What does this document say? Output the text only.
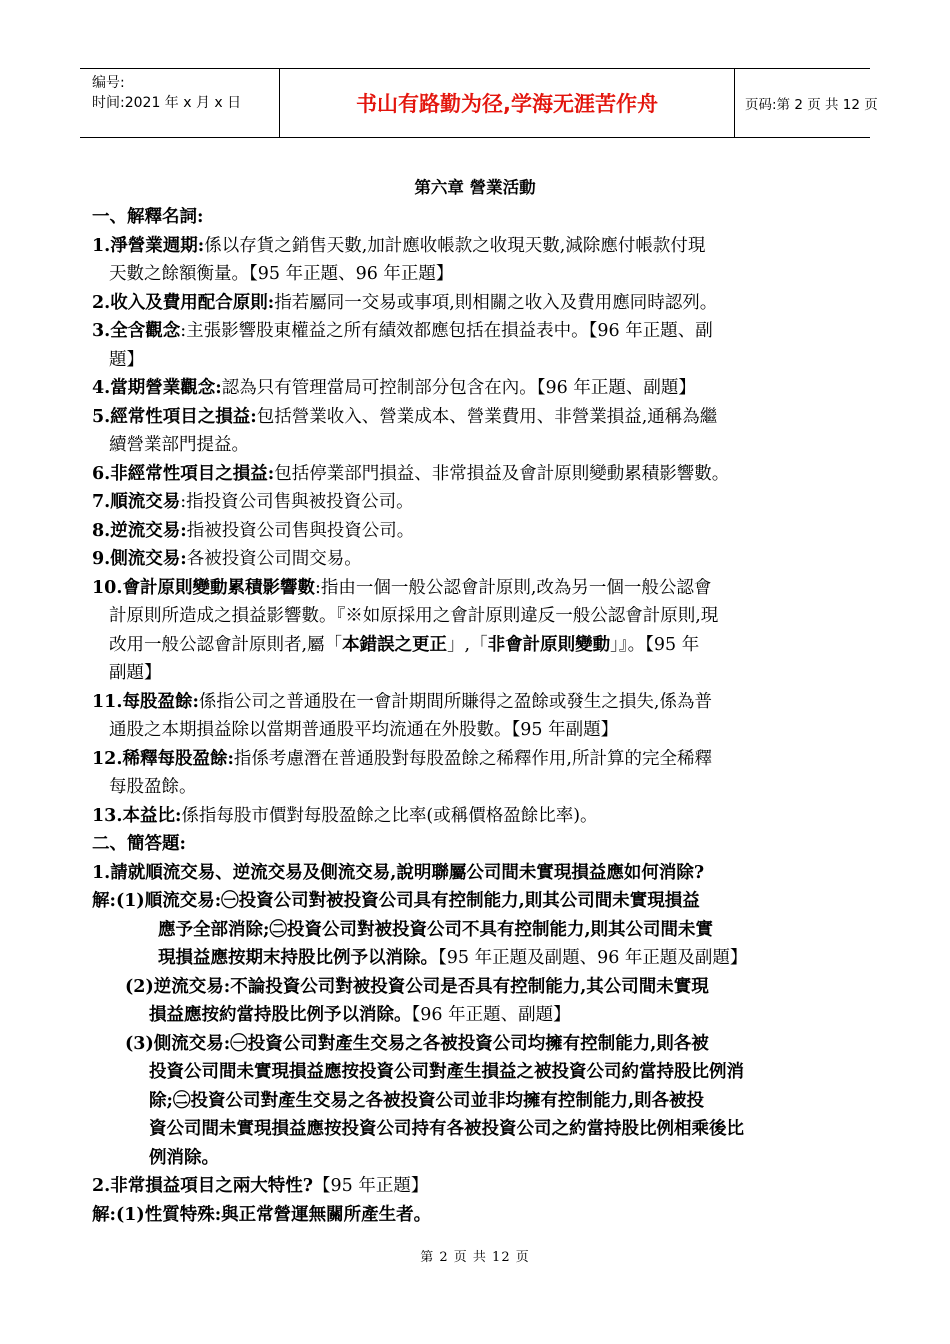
编号:
时间:2021 年 x 月 x 日	书山有路勤为径,学海无涯苦作舟	页码:第 2 页 共 12 页
第六章 營業活動
一、解釋名詞:
1.淨營業週期:係以存貨之銷售天數,加計應收帳款之收現天數,減除應付帳款付現
天數之餘額衡量。【95 年正題、96 年正題】
2.收入及費用配合原則:指若屬同一交易或事項,則相關之收入及費用應同時認列。
3.全含觀念:主張影響股東權益之所有績效都應包括在損益表中。【96 年正題、副
題】
4.當期營業觀念:認為只有管理當局可控制部分包含在內。【96 年正題、副題】
5.經常性項目之損益:包括營業收入、營業成本、營業費用、非營業損益,通稱為繼
續營業部門提益。
6.非經常性項目之損益:包括停業部門損益、非常損益及會計原則變動累積影響數。
7.順流交易:指投資公司售與被投資公司。
8.逆流交易:指被投資公司售與投資公司。
9.側流交易:各被投資公司間交易。
10.會計原則變動累積影響數:指由一個一般公認會計原則,改為另一個一般公認會
計原則所造成之損益影響數。『※如原採用之會計原則違反一般公認會計原則,現
改用一般公認會計原則者,屬「本錯誤之更正」,「非會計原則變動」』。【95 年
副題】
11.每股盈餘:係指公司之普通股在一會計期間所賺得之盈餘或發生之損失,係為普
通股之本期損益除以當期普通股平均流通在外股數。【95 年副題】
12.稀釋每股盈餘:指係考慮潛在普通股對每股盈餘之稀釋作用,所計算的完全稀釋
每股盈餘。
13.本益比:係指每股市價對每股盈餘之比率(或稱價格盈餘比率)。
二、簡答題:
1.請就順流交易、逆流交易及側流交易,說明聯屬公司間未實現損益應如何消除?
解:(1)順流交易:㊀投資公司對被投資公司具有控制能力,則其公司間未實現損益
應予全部消除;㊁投資公司對被投資公司不具有控制能力,則其公司間未實
現損益應按期末持股比例予以消除。【95 年正題及副題、96 年正題及副題】
(2)逆流交易:不論投資公司對被投資公司是否具有控制能力,其公司間未實現
損益應按約當持股比例予以消除。【96 年正題、副題】
(3)側流交易:㊀投資公司對產生交易之各被投資公司均擁有控制能力,則各被
投資公司間未實現損益應按投資公司對產生損益之被投資公司約當持股比例消
除;㊁投資公司對產生交易之各被投資公司並非均擁有控制能力,則各被投
資公司間未實現損益應按投資公司持有各被投資公司之約當持股比例相乘後比
例消除。
2.非常損益項目之兩大特性?【95 年正題】
解:(1)性質特殊:與正常營運無關所產生者。
第 2 页 共 12 页
